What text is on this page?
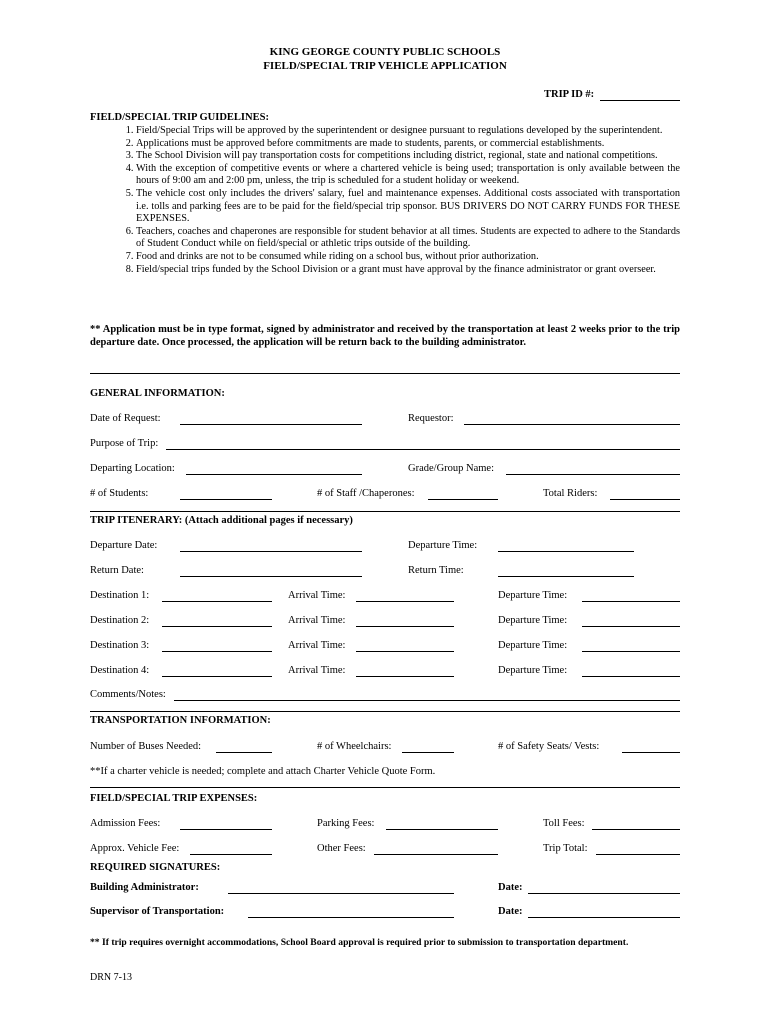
KING GEORGE COUNTY PUBLIC SCHOOLS
FIELD/SPECIAL TRIP VEHICLE APPLICATION
TRIP ID #:
FIELD/SPECIAL TRIP GUIDELINES:
1. Field/Special Trips will be approved by the superintendent or designee pursuant to regulations developed by the superintendent.
2. Applications must be approved before commitments are made to students, parents, or commercial establishments.
3. The School Division will pay transportation costs for competitions including district, regional, state and national competitions.
4. With the exception of competitive events or where a chartered vehicle is being used; transportation is only available between the hours of 9:00 am and 2:00 pm, unless, the trip is scheduled for a student holiday or weekend.
5. The vehicle cost only includes the drivers' salary, fuel and maintenance expenses. Additional costs associated with transportation i.e. tolls and parking fees are to be paid for the field/special trip sponsor. BUS DRIVERS DO NOT CARRY FUNDS FOR THESE EXPENSES.
6. Teachers, coaches and chaperones are responsible for student behavior at all times. Students are expected to adhere to the Standards of Student Conduct while on field/special or athletic trips outside of the building.
7. Food and drinks are not to be consumed while riding on a school bus, without prior authorization.
8. Field/special trips funded by the School Division or a grant must have approval by the finance administrator or grant overseer.
** Application must be in type format, signed by administrator and received by the transportation at least 2 weeks prior to the trip departure date. Once processed, the application will be return back to the building administrator.
GENERAL INFORMATION:
Date of Request:	Requestor:
Purpose of Trip:
Departing Location:	Grade/Group Name:
# of Students:	# of Staff /Chaperones:	Total Riders:
TRIP ITENERARY: (Attach additional pages if necessary)
Departure Date:	Departure Time:
Return Date:	Return Time:
Destination 1:	Arrival Time:	Departure Time:
Destination 2:	Arrival Time:	Departure Time:
Destination 3:	Arrival Time:	Departure Time:
Destination 4:	Arrival Time:	Departure Time:
Comments/Notes:
TRANSPORTATION INFORMATION:
Number of Buses Needed:	# of Wheelchairs:	# of Safety Seats/ Vests:
**If a charter vehicle is needed; complete and attach Charter Vehicle Quote Form.
FIELD/SPECIAL TRIP EXPENSES:
Admission Fees:	Parking Fees:	Toll Fees:
Approx. Vehicle Fee:	Other Fees:	Trip Total:
REQUIRED SIGNATURES:
Building Administrator:	Date:
Supervisor of Transportation:	Date:
** If trip requires overnight accommodations, School Board approval is required prior to submission to transportation department.
DRN 7-13
